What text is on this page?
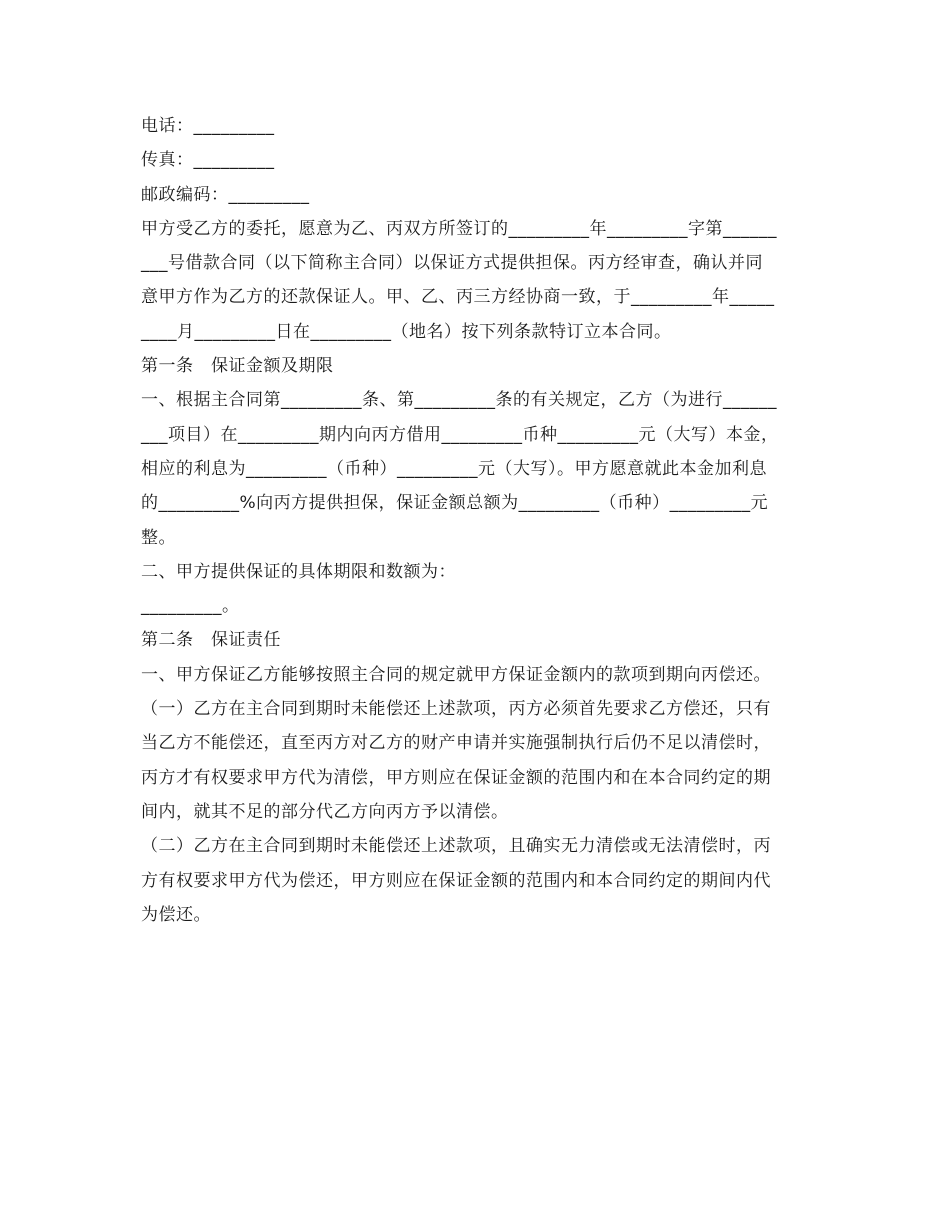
电话：_________

传真：_________

邮政编码：_________

甲方受乙方的委托，愿意为乙、丙双方所签订的_________年_________字第______

___号借款合同（以下简称主合同）以保证方式提供担保。丙方经审查，确认并同

意甲方作为乙方的还款保证人。甲、乙、丙三方经协商一致，于_________年_____

____月_________日在_________（地名）按下列条款特订立本合同。

第一条　保证金额及期限

一、根据主合同第_________条、第_________条的有关规定，乙方（为进行______

___项目）在_________期内向丙方借用_________币种_________元（大写）本金，

相应的利息为_________（币种）_________元（大写）。甲方愿意就此本金加利息

的_________%向丙方提供担保，保证金额总额为_________（币种）_________元

整。

二、甲方提供保证的具体期限和数额为：

_________。

第二条　保证责任

一、甲方保证乙方能够按照主合同的规定就甲方保证金额内的款项到期向丙偿还。

（一）乙方在主合同到期时未能偿还上述款项，丙方必须首先要求乙方偿还，只有

当乙方不能偿还，直至丙方对乙方的财产申请并实施强制执行后仍不足以清偿时，

丙方才有权要求甲方代为清偿，甲方则应在保证金额的范围内和在本合同约定的期

间内，就其不足的部分代乙方向丙方予以清偿。

（二）乙方在主合同到期时未能偿还上述款项，且确实无力清偿或无法清偿时，丙

方有权要求甲方代为偿还，甲方则应在保证金额的范围内和本合同约定的期间内代

为偿还。
